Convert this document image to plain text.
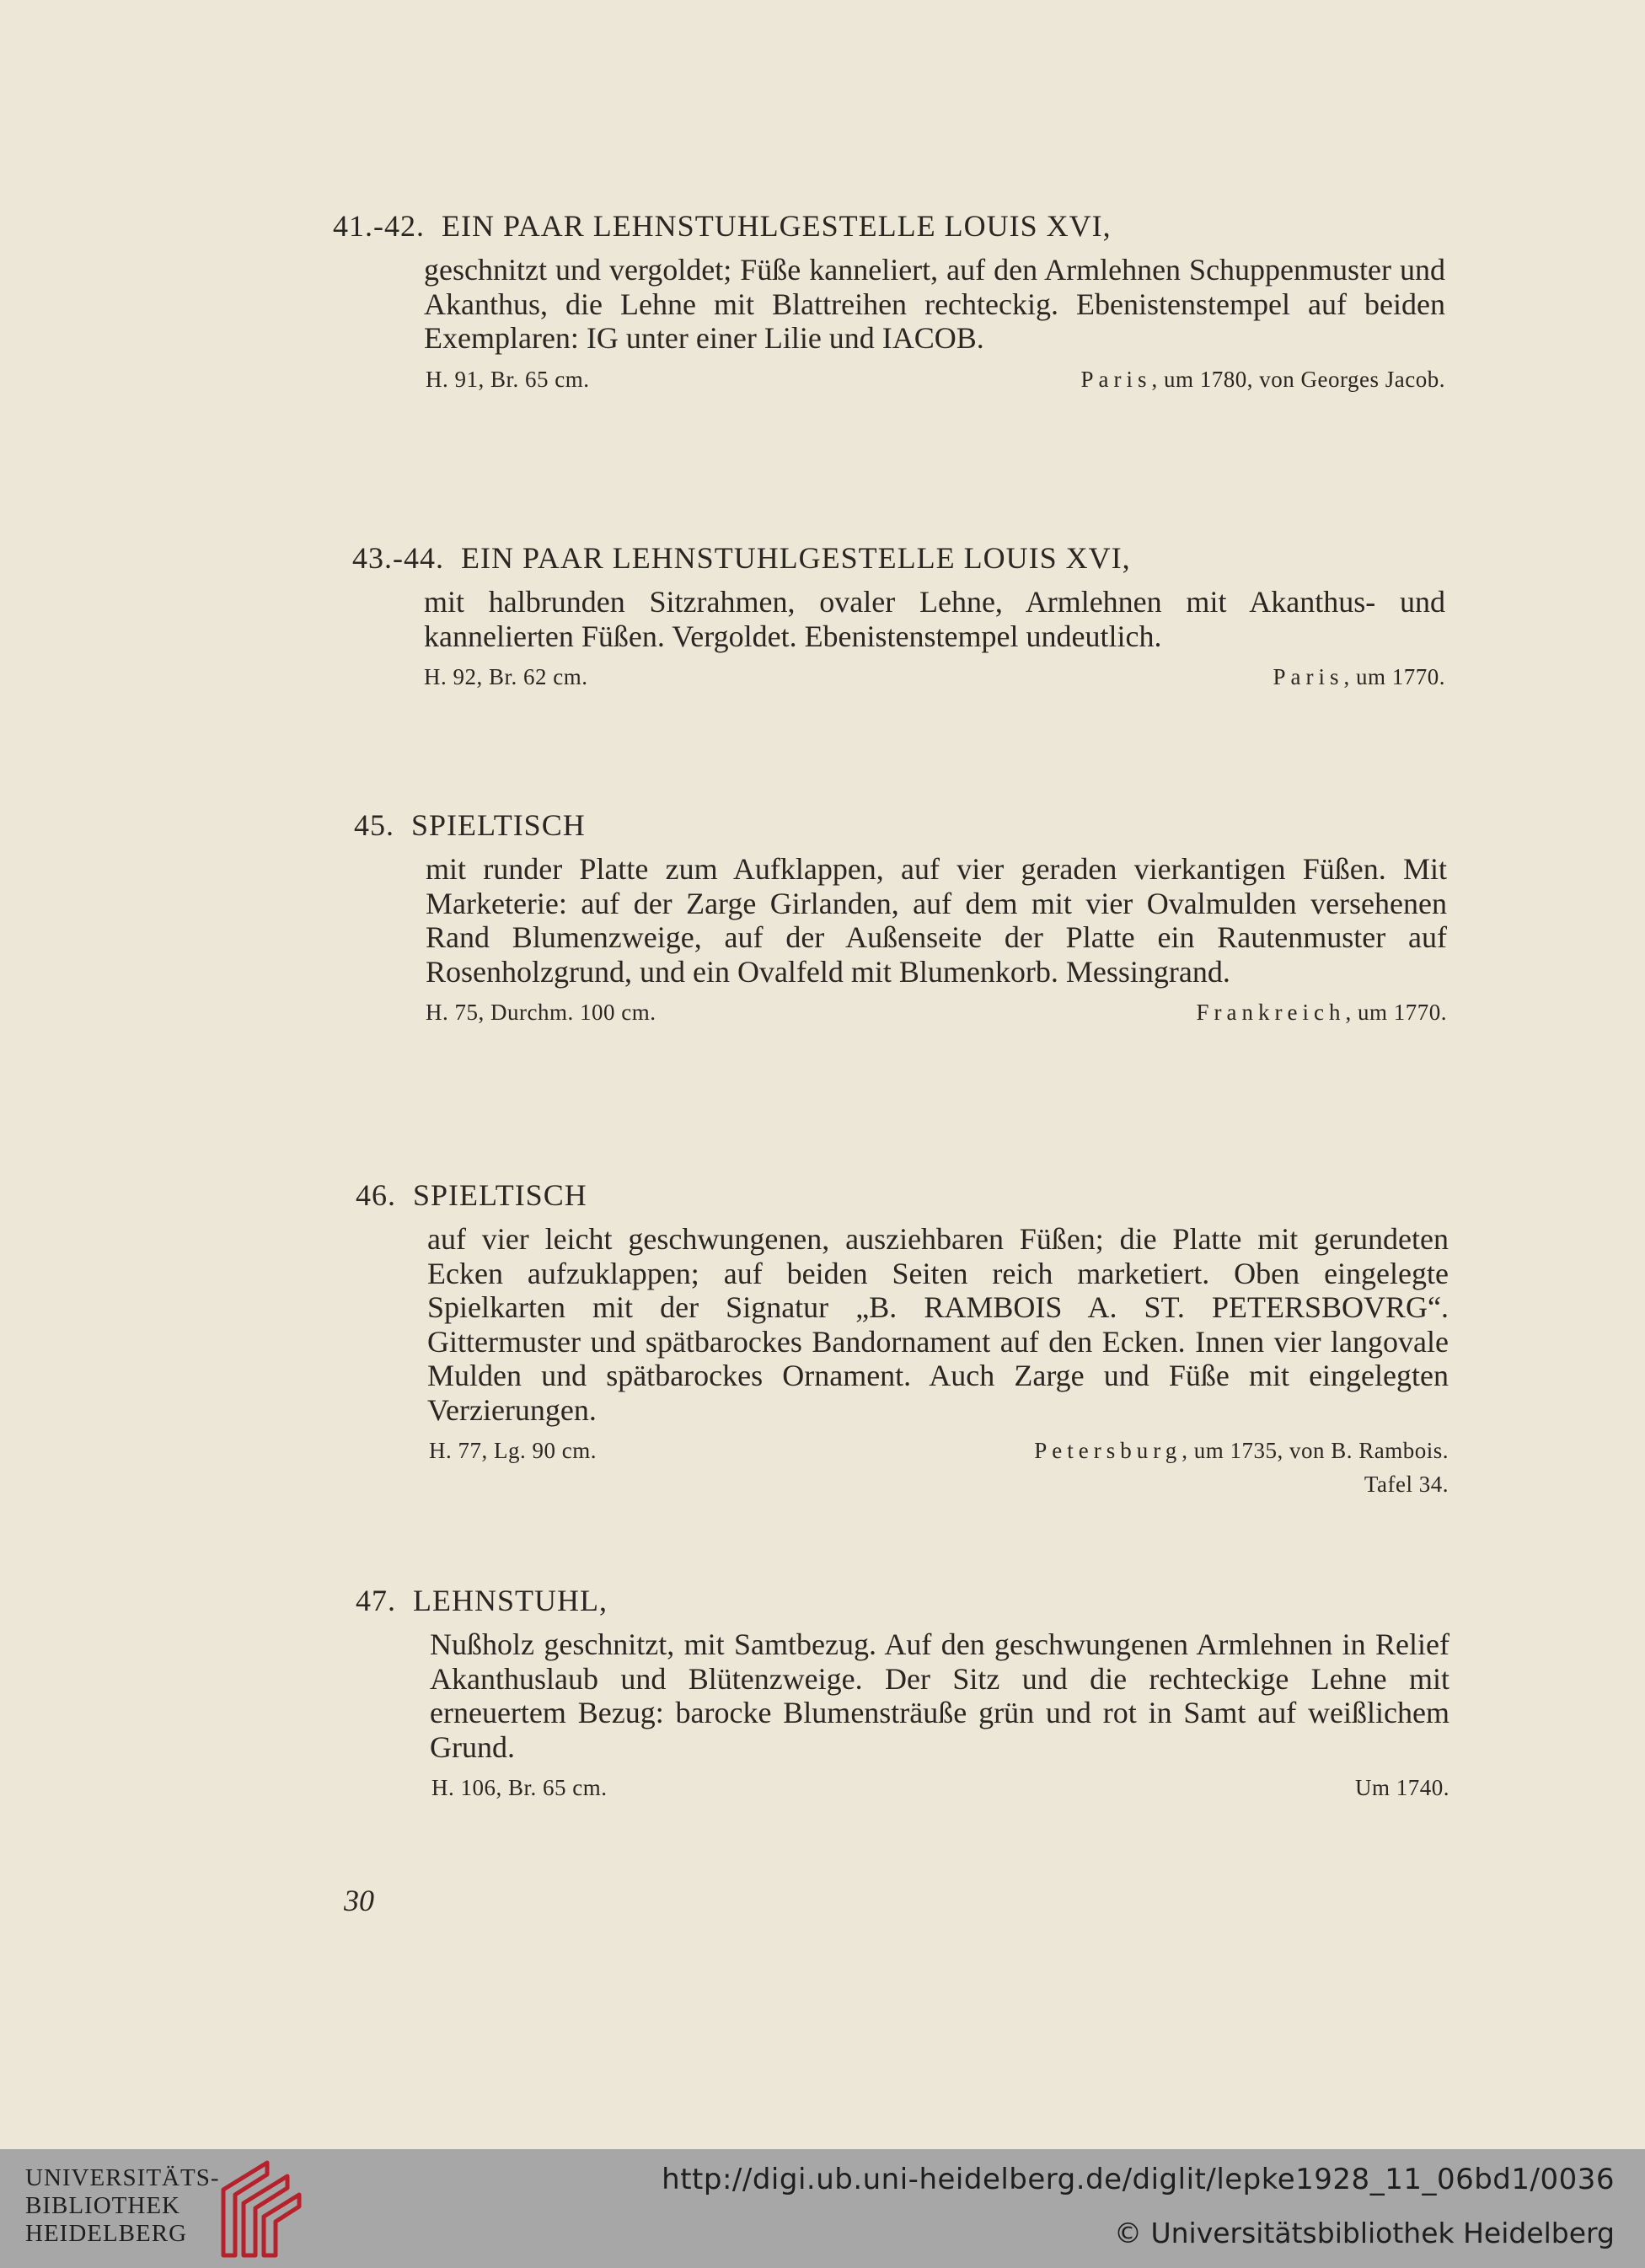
41.-42. EIN PAAR LEHNSTUHLGESTELLE LOUIS XVI,
geschnitzt und vergoldet; Füße kanneliert, auf den Armlehnen Schuppenmuster und Akanthus, die Lehne mit Blattreihen rechteckig. Ebenistenstempel auf beiden Exemplaren: IG unter einer Lilie und IACOB.
H. 91, Br. 65 cm.	Paris, um 1780, von Georges Jacob.
43.-44. EIN PAAR LEHNSTUHLGESTELLE LOUIS XVI,
mit halbrunden Sitzrahmen, ovaler Lehne, Armlehnen mit Akanthus- und kannelierten Füßen. Vergoldet. Ebenistenstempel undeutlich.
H. 92, Br. 62 cm.	Paris, um 1770.
45. SPIELTISCH
mit runder Platte zum Aufklappen, auf vier geraden vierkantigen Füßen. Mit Marketerie: auf der Zarge Girlanden, auf dem mit vier Ovalmulden versehenen Rand Blumenzweige, auf der Außenseite der Platte ein Rautenmuster auf Rosenholzgrund, und ein Ovalfeld mit Blumenkorb. Messingrand.
H. 75, Durchm. 100 cm.	Frankreich, um 1770.
46. SPIELTISCH
auf vier leicht geschwungenen, ausziehbaren Füßen; die Platte mit gerundeten Ecken aufzuklappen; auf beiden Seiten reich marketiert. Oben eingelegte Spielkarten mit der Signatur „B. RAMBOIS A. ST. PETERSBOVRG“. Gittermuster und spätbarockes Bandornament auf den Ecken. Innen vier langovale Mulden und spätbarockes Ornament. Auch Zarge und Füße mit eingelegten Verzierungen.
H. 77, Lg. 90 cm.	Petersburg, um 1735, von B. Rambois.
Tafel 34.
47. LEHNSTUHL,
Nußholz geschnitzt, mit Samtbezug. Auf den geschwungenen Armlehnen in Relief Akanthuslaub und Blütenzweige. Der Sitz und die rechteckige Lehne mit erneuertem Bezug: barocke Blumensträuße grün und rot in Samt auf weißlichem Grund.
H. 106, Br. 65 cm.	Um 1740.
30
UNIVERSITÄTS-
BIBLIOTHEK
HEIDELBERG
http://digi.ub.uni-heidelberg.de/diglit/lepke1928_11_06bd1/0036
© Universitätsbibliothek Heidelberg
